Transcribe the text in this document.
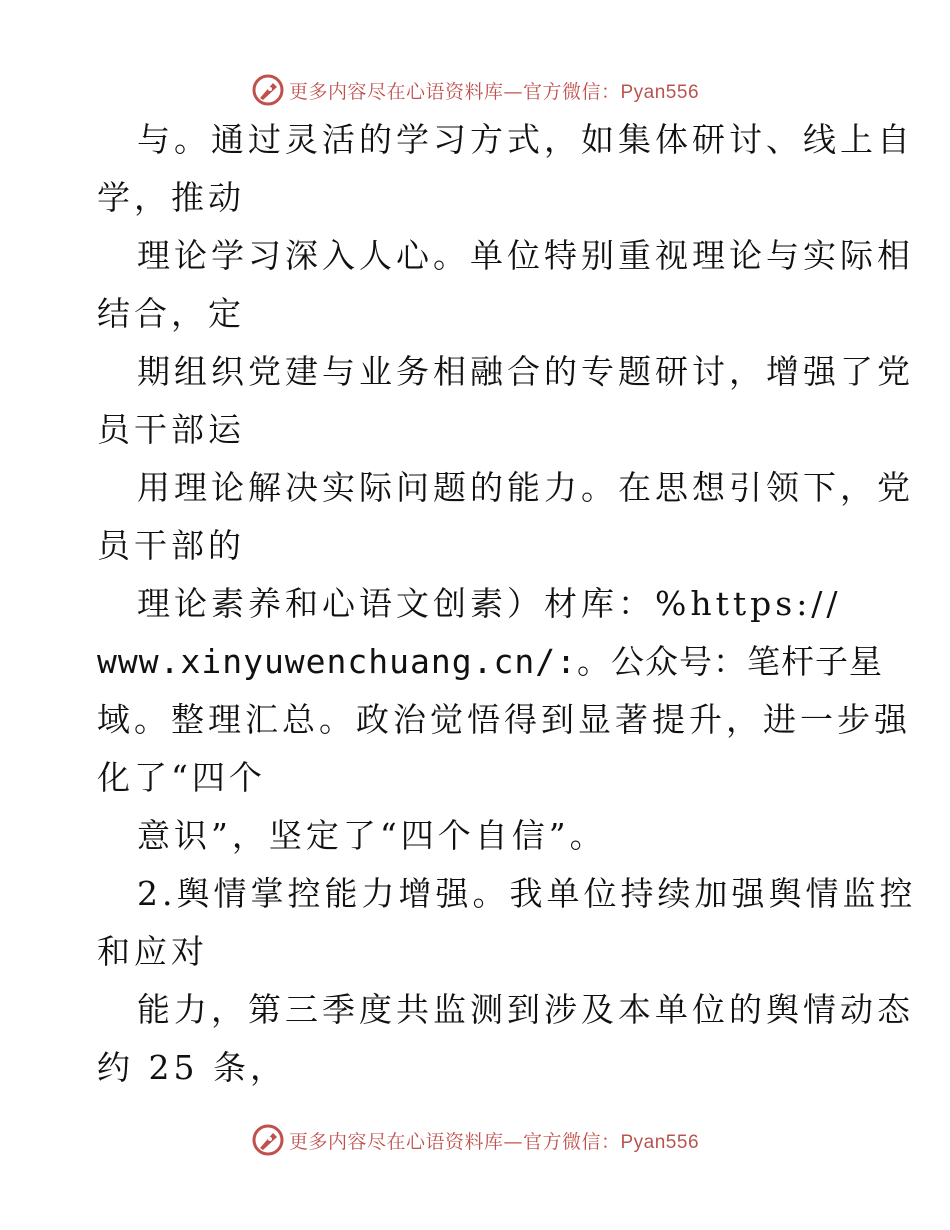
更多内容尽在心语资料库—官方微信：Pyan556
与。通过灵活的学习方式，如集体研讨、线上自
学，推动
理论学习深入人心。单位特别重视理论与实际相
结合，定
期组织党建与业务相融合的专题研讨，增强了党
员干部运
用理论解决实际问题的能力。在思想引领下，党
员干部的
理论素养和心语文创素）材库：%https://
www.xinyuwenchuang.cn/:。公众号：笔杆子星
域。整理汇总。政治觉悟得到显著提升，进一步强
化了“四个
意识”，坚定了“四个自信”。
2.舆情掌控能力增强。我单位持续加强舆情监控
和应对
能力，第三季度共监测到涉及本单位的舆情动态
约 25 条，
更多内容尽在心语资料库—官方微信：Pyan556
